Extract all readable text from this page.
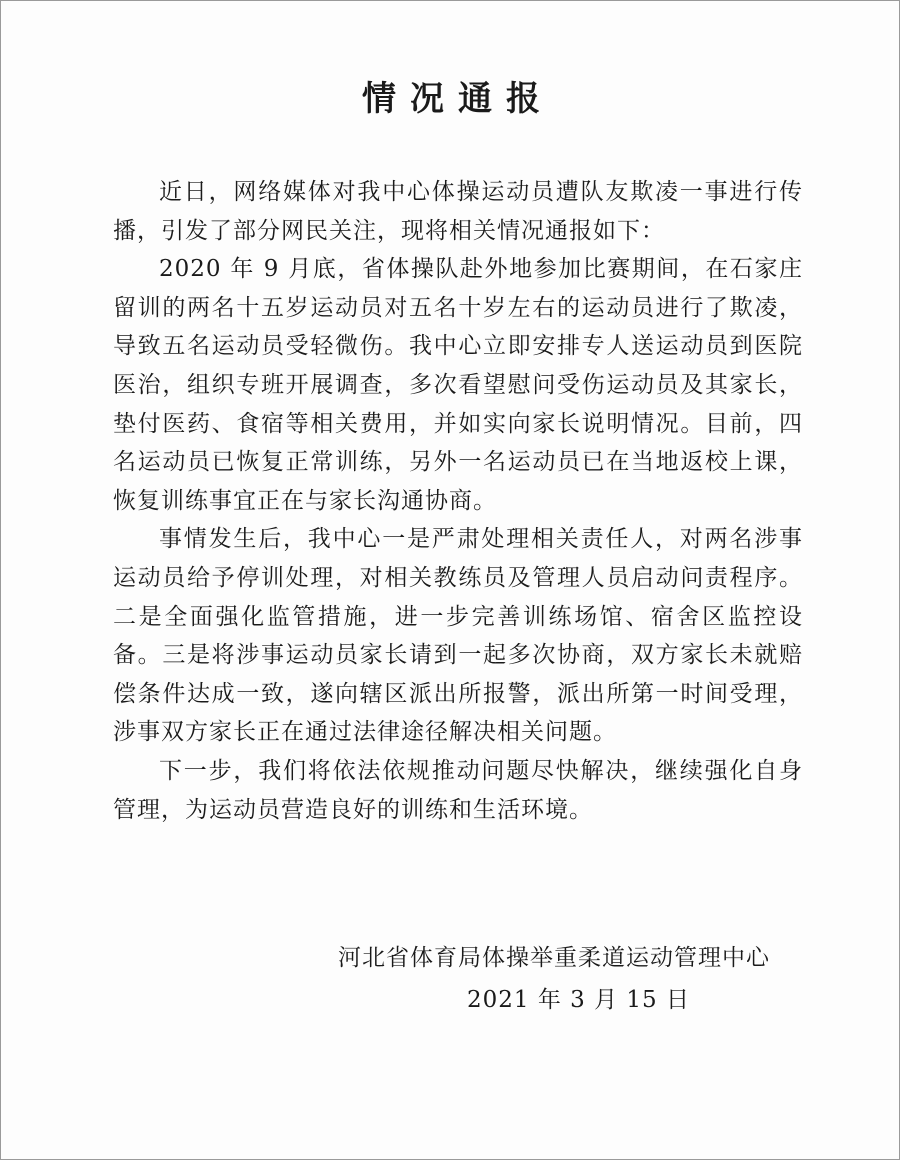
情况通报

近日，网络媒体对我中心体操运动员遭队友欺凌一事进行传播，引发了部分网民关注，现将相关情况通报如下：

2020 年 9 月底，省体操队赴外地参加比赛期间，在石家庄留训的两名十五岁运动员对五名十岁左右的运动员进行了欺凌，导致五名运动员受轻微伤。我中心立即安排专人送运动员到医院医治，组织专班开展调查，多次看望慰问受伤运动员及其家长，垫付医药、食宿等相关费用，并如实向家长说明情况。目前，四名运动员已恢复正常训练，另外一名运动员已在当地返校上课，恢复训练事宜正在与家长沟通协商。

事情发生后，我中心一是严肃处理相关责任人，对两名涉事运动员给予停训处理，对相关教练员及管理人员启动问责程序。二是全面强化监管措施，进一步完善训练场馆、宿舍区监控设备。三是将涉事运动员家长请到一起多次协商，双方家长未就赔偿条件达成一致，遂向辖区派出所报警，派出所第一时间受理，涉事双方家长正在通过法律途径解决相关问题。

下一步，我们将依法依规推动问题尽快解决，继续强化自身管理，为运动员营造良好的训练和生活环境。

河北省体育局体操举重柔道运动管理中心
2021 年 3 月 15 日
